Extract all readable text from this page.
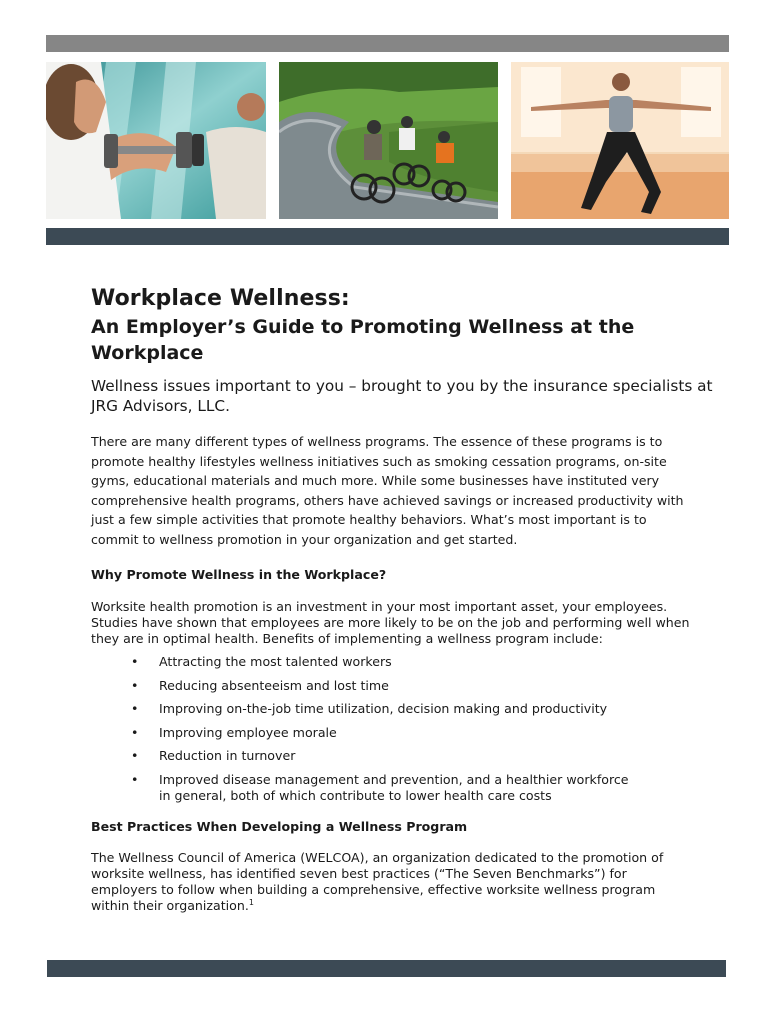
Workplace Wellness:
An Employer’s Guide to Promoting Wellness at the Workplace

Wellness issues important to you – brought to you by the insurance specialists at JRG Advisors, LLC.

There are many different types of wellness programs. The essence of these programs is to promote healthy lifestyles wellness initiatives such as smoking cessation programs, on-site gyms, educational materials and much more. While some businesses have instituted very comprehensive health programs, others have achieved savings or increased productivity with just a few simple activities that promote healthy behaviors. What’s most important is to commit to wellness promotion in your organization and get started.

Why Promote Wellness in the Workplace?

Worksite health promotion is an investment in your most important asset, your employees. Studies have shown that employees are more likely to be on the job and performing well when they are in optimal health. Benefits of implementing a wellness program include:

• Attracting the most talented workers
• Reducing absenteeism and lost time
• Improving on-the-job time utilization, decision making and productivity
• Improving employee morale
• Reduction in turnover
• Improved disease management and prevention, and a healthier workforce in general, both of which contribute to lower health care costs
Best Practices When Developing a Wellness Program

The Wellness Council of America (WELCOA), an organization dedicated to the promotion of worksite wellness, has identified seven best practices (“The Seven Benchmarks”) for employers to follow when building a comprehensive, effective worksite wellness program within their organization.$^1$
